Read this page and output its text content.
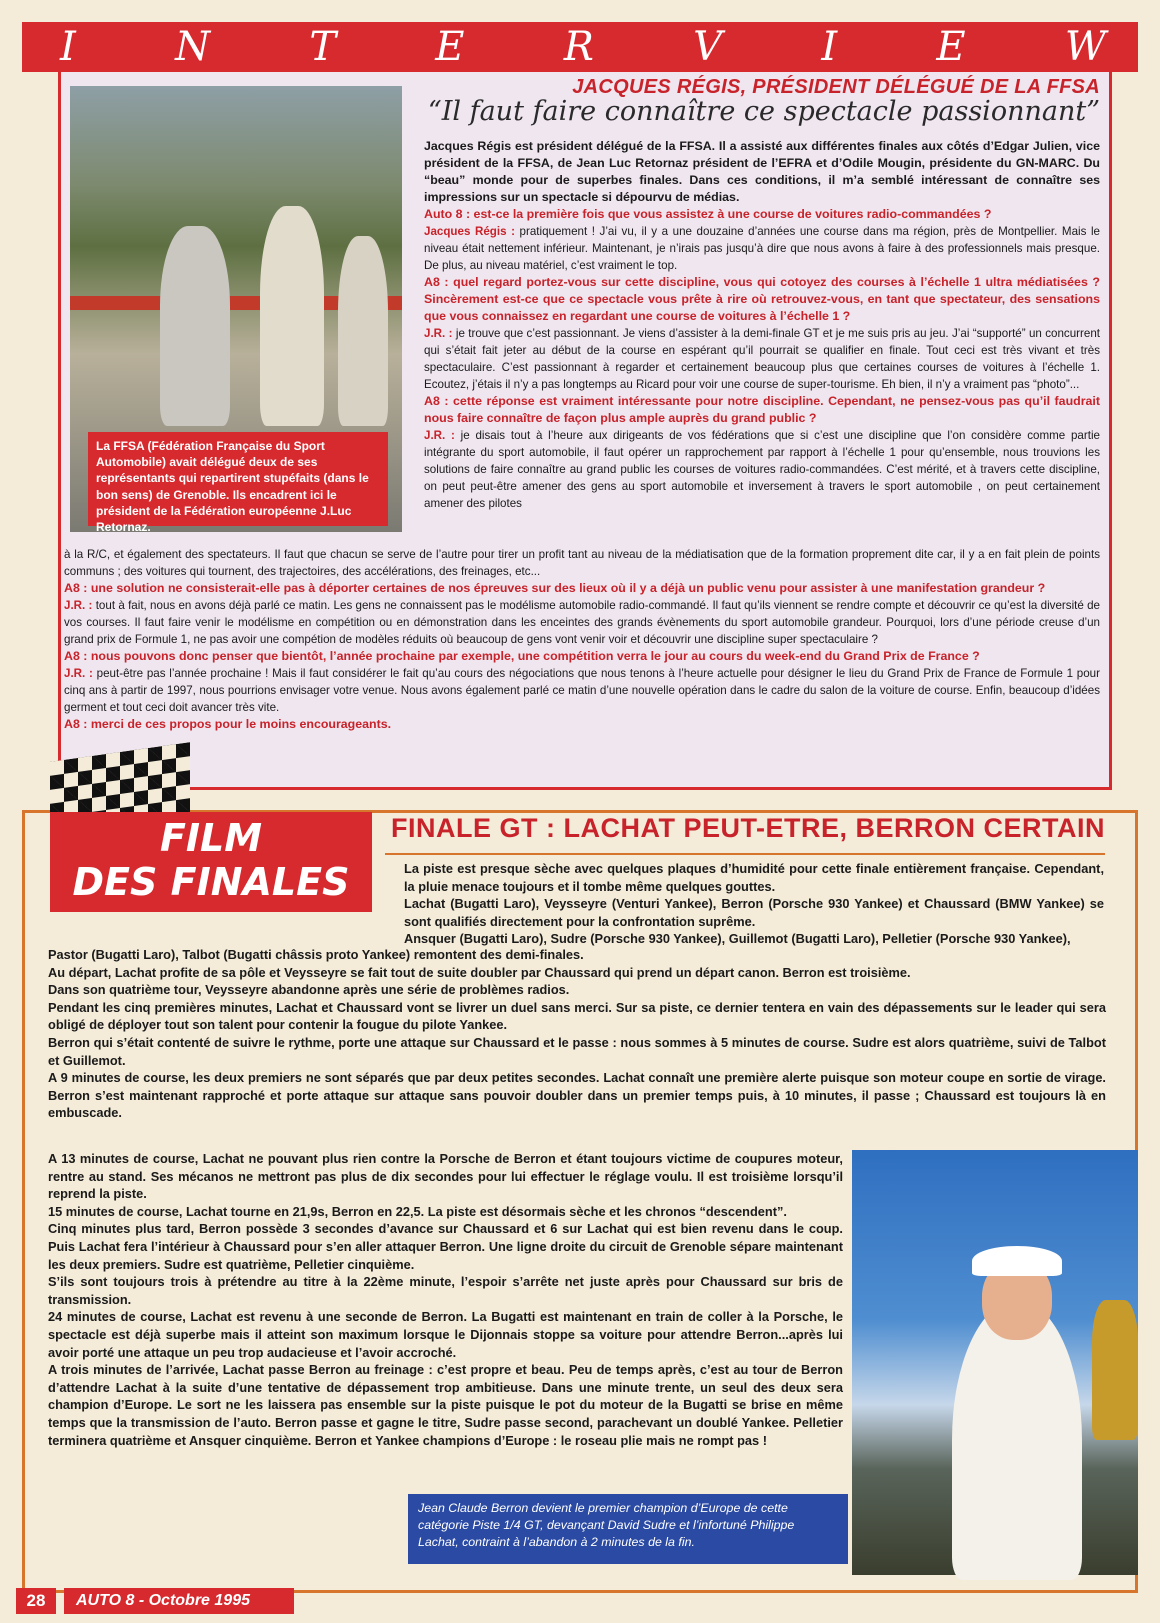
I N T E R V I E W
La FFSA (Fédération Française du Sport Automobile) avait délégué deux de ses représentants qui repartirent stupéfaits (dans le bon sens) de Grenoble. Ils encadrent ici le président de la Fédération européenne J.Luc Retornaz.
JACQUES RÉGIS, PRÉSIDENT DÉLÉGUÉ DE LA FFSA
“Il faut faire connaître ce spectacle passionnant”

Jacques Régis est président délégué de la FFSA. Il a assisté aux différentes finales aux côtés d’Edgar Julien, vice président de la FFSA, de Jean Luc Retornaz président de l’EFRA et d’Odile Mougin, présidente du GN-MARC. Du “beau” monde pour de superbes finales. Dans ces conditions, il m’a semblé intéressant de connaître ses impressions sur un spectacle si dépourvu de médias.

Auto 8 : est-ce la première fois que vous assistez à une course de voitures radio-commandées ?

Jacques Régis : pratiquement ! J’ai vu, il y a une douzaine d’années une course dans ma région, près de Montpellier. Mais le niveau était nettement inférieur. Maintenant, je n’irais pas jusqu’à dire que nous avons à faire à des professionnels mais presque. De plus, au niveau matériel, c’est vraiment le top.

A8 : quel regard portez-vous sur cette discipline, vous qui cotoyez des courses à l’échelle 1 ultra médiatisées ? Sincèrement est-ce que ce spectacle vous prête à rire où retrouvez-vous, en tant que spectateur, des sensations que vous connaissez en regardant une course de voitures à l’échelle 1 ?

J.R. : je trouve que c’est passionnant. Je viens d’assister à la demi-finale GT et je me suis pris au jeu. J’ai “supporté” un concurrent qui s’était fait jeter au début de la course en espérant qu’il pourrait se qualifier en finale. Tout ceci est très vivant et très spectaculaire. C’est passionnant à regarder et certainement beaucoup plus que certaines courses de voitures à l’échelle 1. Ecoutez, j’étais il n’y a pas longtemps au Ricard pour voir une course de super-tourisme. Eh bien, il n’y a vraiment pas “photo”...

A8 : cette réponse est vraiment intéressante pour notre discipline. Cependant, ne pensez-vous pas qu’il faudrait nous faire connaître de façon plus ample auprès du grand public ?

J.R. : je disais tout à l’heure aux dirigeants de vos fédérations que si c’est une discipline que l’on considère comme partie intégrante du sport automobile, il faut opérer un rapprochement par rapport à l’échelle 1 pour qu’ensemble, nous trouvions les solutions de faire connaître au grand public les courses de voitures radio-commandées. C’est mérité, et à travers cette discipline, on peut peut-être amener des gens au sport automobile et inversement à travers le sport automobile , on peut certainement amener des pilotes

à la R/C, et également des spectateurs. Il faut que chacun se serve de l’autre pour tirer un profit tant au niveau de la médiatisation que de la formation proprement dite car, il y a en fait plein de points communs ; des voitures qui tournent, des trajectoires, des accélérations, des freinages, etc...

A8 : une solution ne consisterait-elle pas à déporter certaines de nos épreuves sur des lieux où il y a déjà un public venu pour assister à une manifestation grandeur ?

J.R. : tout à fait, nous en avons déjà parlé ce matin. Les gens ne connaissent pas le modélisme automobile radio-commandé. Il faut qu’ils viennent se rendre compte et découvrir ce qu’est la diversité de vos courses. Il faut faire venir le modélisme en compétition ou en démonstration dans les enceintes des grands évènements du sport automobile grandeur. Pourquoi, lors d’une période creuse d’un grand prix de Formule 1, ne pas avoir une compétion de modèles réduits où beaucoup de gens vont venir voir et découvrir une discipline super spectaculaire ?

A8 : nous pouvons donc penser que bientôt, l’année prochaine par exemple, une compétition verra le jour au cours du week-end du Grand Prix de France ?

J.R. : peut-être pas l’année prochaine ! Mais il faut considérer le fait qu’au cours des négociations que nous tenons à l’heure actuelle pour désigner le lieu du Grand Prix de France de Formule 1 pour cinq ans à partir de 1997, nous pourrions envisager votre venue. Nous avons également parlé ce matin d’une nouvelle opération dans le cadre du salon de la voiture de course. Enfin, beaucoup d’idées germent et tout ceci doit avancer très vite.

A8 : merci de ces propos pour le moins encourageants.

FILM
DES FINALES
FINALE GT : LACHAT PEUT-ETRE, BERRON CERTAIN

La piste est presque sèche avec quelques plaques d’humidité pour cette finale entièrement française. Cependant, la pluie menace toujours et il tombe même quelques gouttes.

Lachat (Bugatti Laro), Veysseyre (Venturi Yankee), Berron (Porsche 930 Yankee) et Chaussard (BMW Yankee) se sont qualifiés directement pour la confrontation suprême.

Ansquer (Bugatti Laro), Sudre (Porsche 930 Yankee), Guillemot (Bugatti Laro), Pelletier (Porsche 930 Yankee),

Pastor (Bugatti Laro), Talbot (Bugatti châssis proto Yankee) remontent des demi-finales.

Au départ, Lachat profite de sa pôle et Veysseyre se fait tout de suite doubler par Chaussard qui prend un départ canon. Berron est troisième.

Dans son quatrième tour, Veysseyre abandonne après une série de problèmes radios.

Pendant les cinq premières minutes, Lachat et Chaussard vont se livrer un duel sans merci. Sur sa piste, ce dernier tentera en vain des dépassements sur le leader qui sera obligé de déployer tout son talent pour contenir la fougue du pilote Yankee.

Berron qui s’était contenté de suivre le rythme, porte une attaque sur Chaussard et le passe : nous sommes à 5 minutes de course. Sudre est alors quatrième, suivi de Talbot et Guillemot.

A 9 minutes de course, les deux premiers ne sont séparés que par deux petites secondes. Lachat connaît une première alerte puisque son moteur coupe en sortie de virage. Berron s’est maintenant rapproché et porte attaque sur attaque sans pouvoir doubler dans un premier temps puis, à 10 minutes, il passe ; Chaussard est toujours là en embuscade.

A 13 minutes de course, Lachat ne pouvant plus rien contre la Porsche de Berron et étant toujours victime de coupures moteur, rentre au stand. Ses mécanos ne mettront pas plus de dix secondes pour lui effectuer le réglage voulu. Il est troisième lorsqu’il reprend la piste.

15 minutes de course, Lachat tourne en 21,9s, Berron en 22,5. La piste est désormais sèche et les chronos “descendent”.

Cinq minutes plus tard, Berron possède 3 secondes d’avance sur Chaussard et 6 sur Lachat qui est bien revenu dans le coup. Puis Lachat fera l’intérieur à Chaussard pour s’en aller attaquer Berron. Une ligne droite du circuit de Grenoble sépare maintenant les deux premiers. Sudre est quatrième, Pelletier cinquième.

S’ils sont toujours trois à prétendre au titre à la 22ème minute, l’espoir s’arrête net juste après pour Chaussard sur bris de transmission.

24 minutes de course, Lachat est revenu à une seconde de Berron. La Bugatti est maintenant en train de coller à la Porsche, le spectacle est déjà superbe mais il atteint son maximum lorsque le Dijonnais stoppe sa voiture pour attendre Berron...après lui avoir porté une attaque un peu trop audacieuse et l’avoir accroché.

A trois minutes de l’arrivée, Lachat passe Berron au freinage : c’est propre et beau. Peu de temps après, c’est au tour de Berron d’attendre Lachat à la suite d’une tentative de dépassement trop ambitieuse. Dans une minute trente, un seul des deux sera champion d’Europe. Le sort ne les laissera pas ensemble sur la piste puisque le pot du moteur de la Bugatti se brise en même temps que la transmission de l’auto. Berron passe et gagne le titre, Sudre passe second, parachevant un doublé Yankee. Pelletier terminera quatrième et Ansquer cinquième. Berron et Yankee champions d’Europe : le roseau plie mais ne rompt pas !

Jean Claude Berron devient le premier champion d’Europe de cette catégorie Piste 1/4 GT, devançant David Sudre et l’infortuné Philippe Lachat, contraint à l’abandon à 2 minutes de la fin.
28	AUTO 8 - Octobre 1995
